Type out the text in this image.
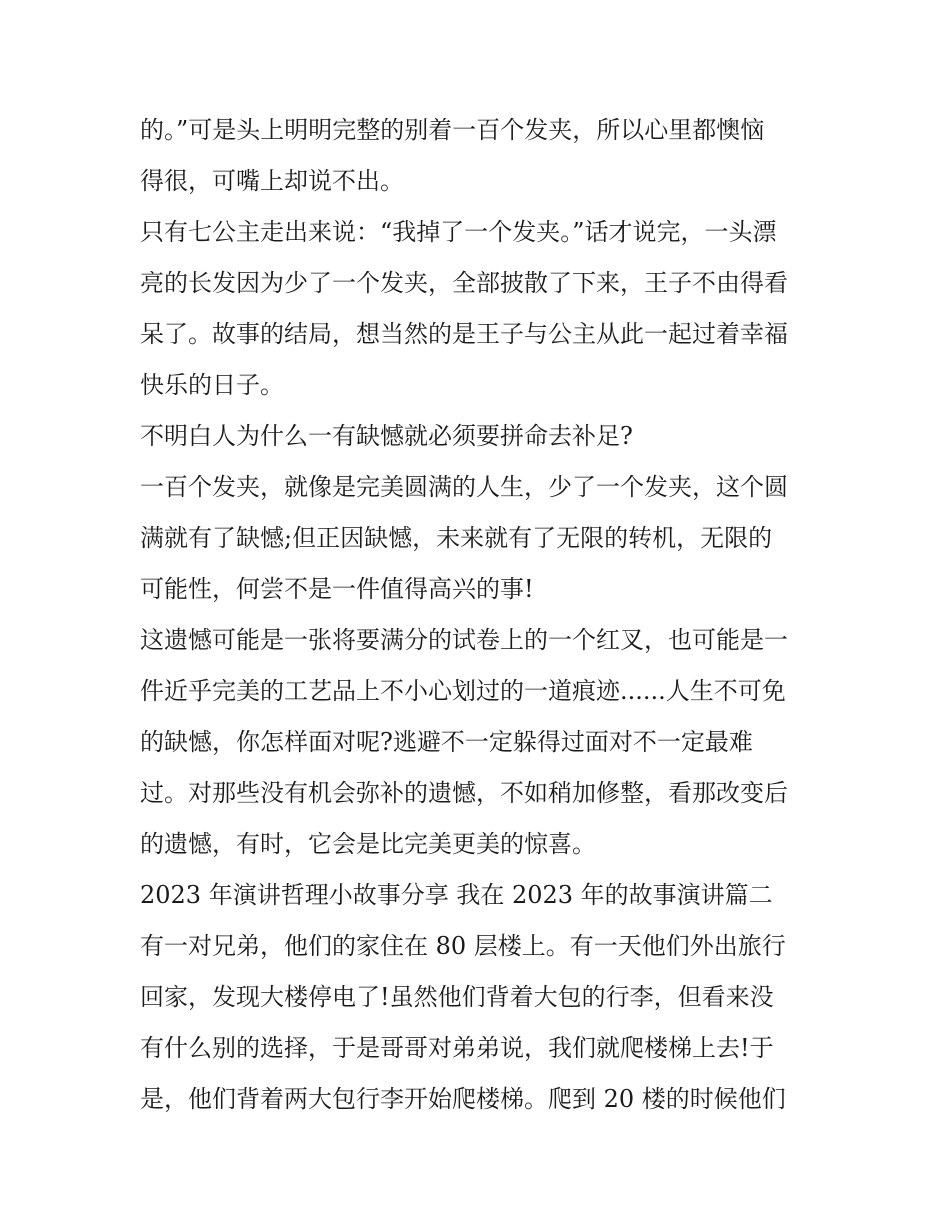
的。”可是头上明明完整的别着一百个发夹，所以心里都懊恼
得很，可嘴上却说不出。
只有七公主走出来说：“我掉了一个发夹。”话才说完，一头漂
亮的长发因为少了一个发夹，全部披散了下来，王子不由得看
呆了。故事的结局，想当然的是王子与公主从此一起过着幸福
快乐的日子。
不明白人为什么一有缺憾就必须要拼命去补足?
一百个发夹，就像是完美圆满的人生，少了一个发夹，这个圆
满就有了缺憾;但正因缺憾，未来就有了无限的转机，无限的
可能性，何尝不是一件值得高兴的事!
这遗憾可能是一张将要满分的试卷上的一个红叉，也可能是一
件近乎完美的工艺品上不小心划过的一道痕迹......人生不可免
的缺憾，你怎样面对呢?逃避不一定躲得过面对不一定最难
过。对那些没有机会弥补的遗憾，不如稍加修整，看那改变后
的遗憾，有时，它会是比完美更美的惊喜。
2023 年演讲哲理小故事分享 我在 2023 年的故事演讲篇二
有一对兄弟，他们的家住在 80 层楼上。有一天他们外出旅行
回家，发现大楼停电了!虽然他们背着大包的行李，但看来没
有什么别的选择，于是哥哥对弟弟说，我们就爬楼梯上去!于
是，他们背着两大包行李开始爬楼梯。爬到 20 楼的时候他们
